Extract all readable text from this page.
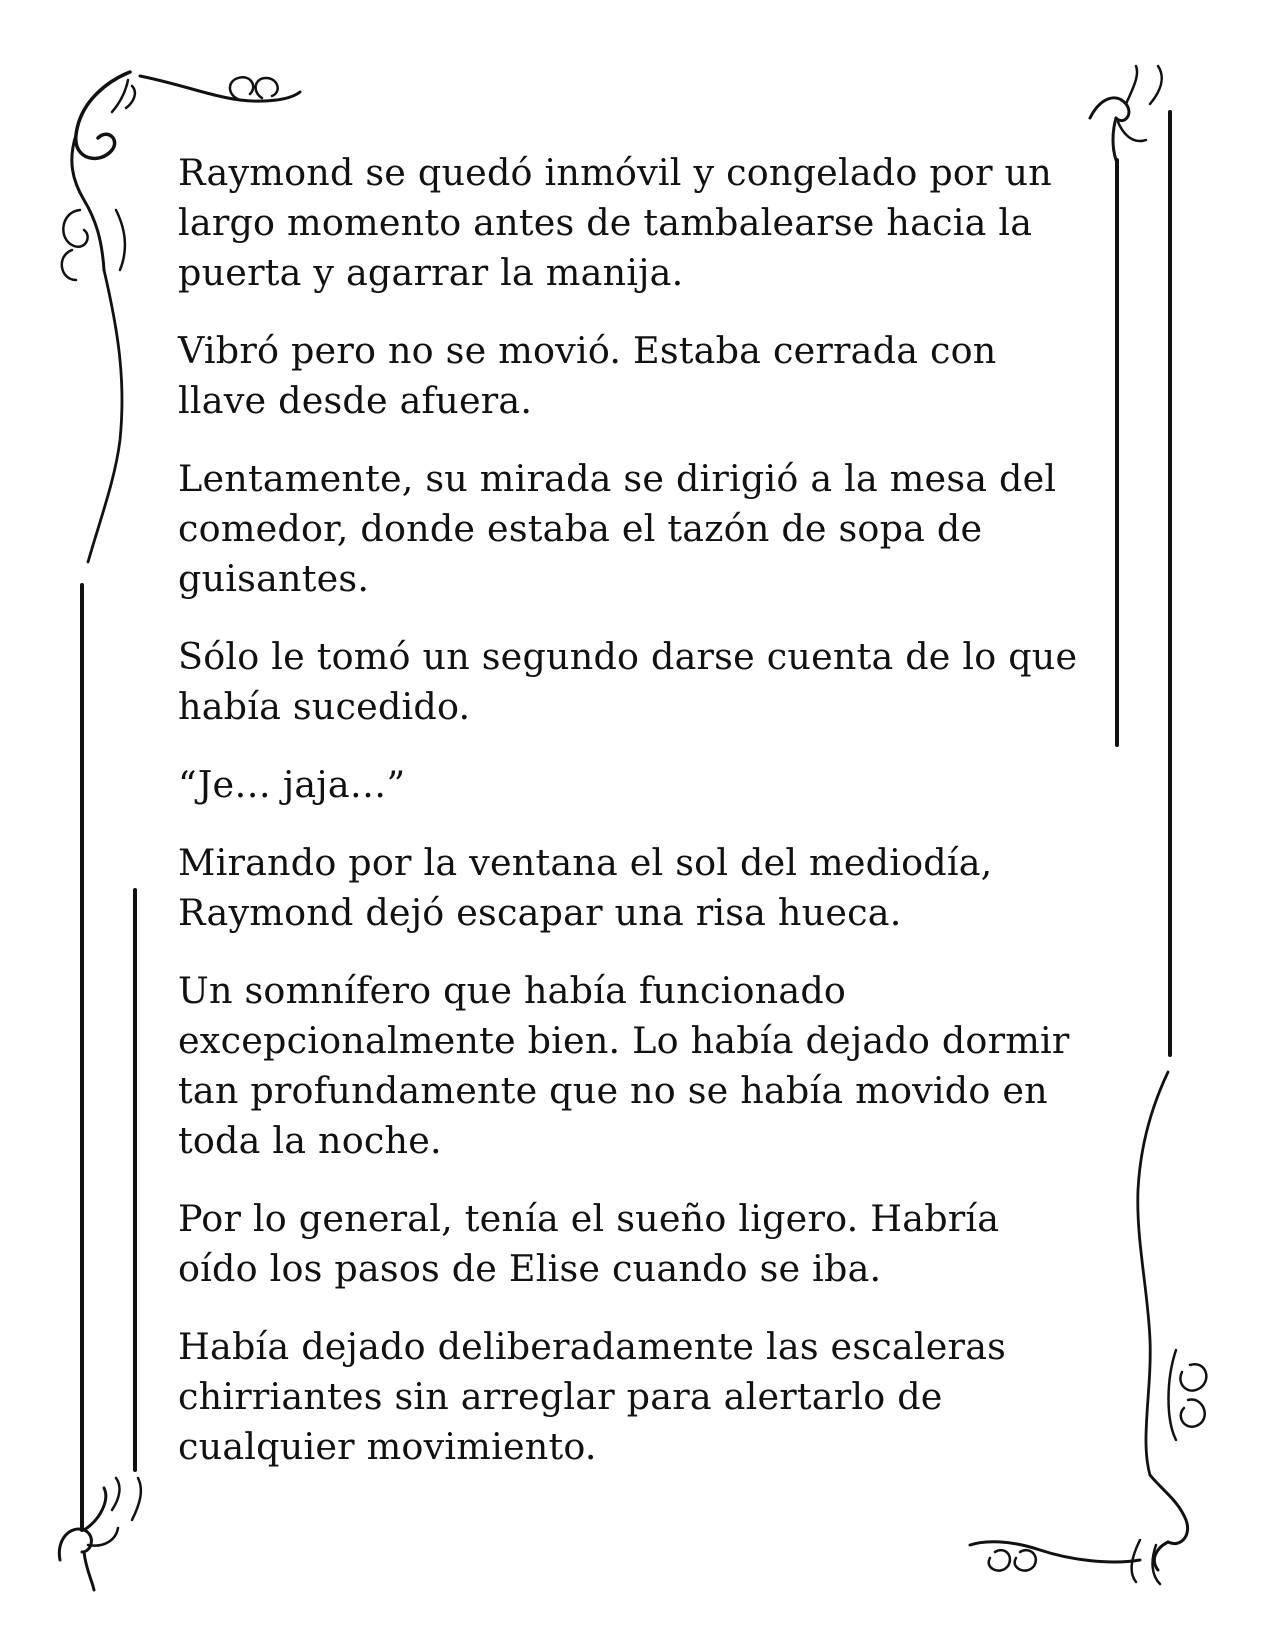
Raymond se quedó inmóvil y congelado por un
largo momento antes de tambalearse hacia la
puerta y agarrar la manija.
Vibró pero no se movió. Estaba cerrada con
llave desde afuera.
Lentamente, su mirada se dirigió a la mesa del
comedor, donde estaba el tazón de sopa de
guisantes.
Sólo le tomó un segundo darse cuenta de lo que
había sucedido.
“Je… jaja…”
Mirando por la ventana el sol del mediodía,
Raymond dejó escapar una risa hueca.
Un somnífero que había funcionado
excepcionalmente bien. Lo había dejado dormir
tan profundamente que no se había movido en
toda la noche.
Por lo general, tenía el sueño ligero. Habría
oído los pasos de Elise cuando se iba.
Había dejado deliberadamente las escaleras
chirriantes sin arreglar para alertarlo de
cualquier movimiento.
